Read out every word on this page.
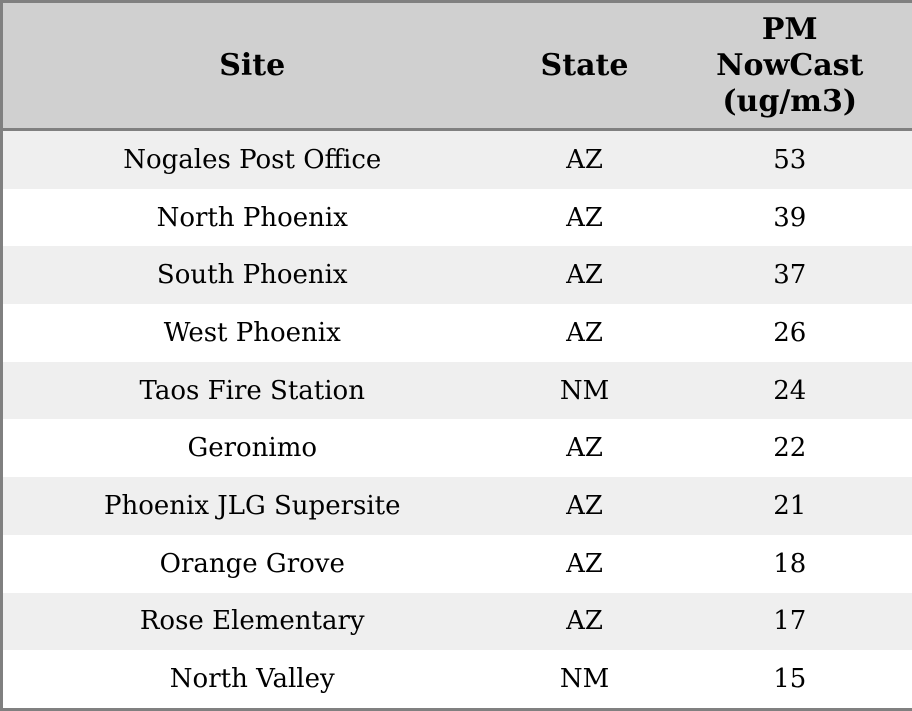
Site	State	PM
NowCast
(ug/m3)

Nogales Post Office	AZ	53
North Phoenix	AZ	39
South Phoenix	AZ	37
West Phoenix	AZ	26
Taos Fire Station	NM	24
Geronimo	AZ	22
Phoenix JLG Supersite	AZ	21
Orange Grove	AZ	18
Rose Elementary	AZ	17
North Valley	NM	15
